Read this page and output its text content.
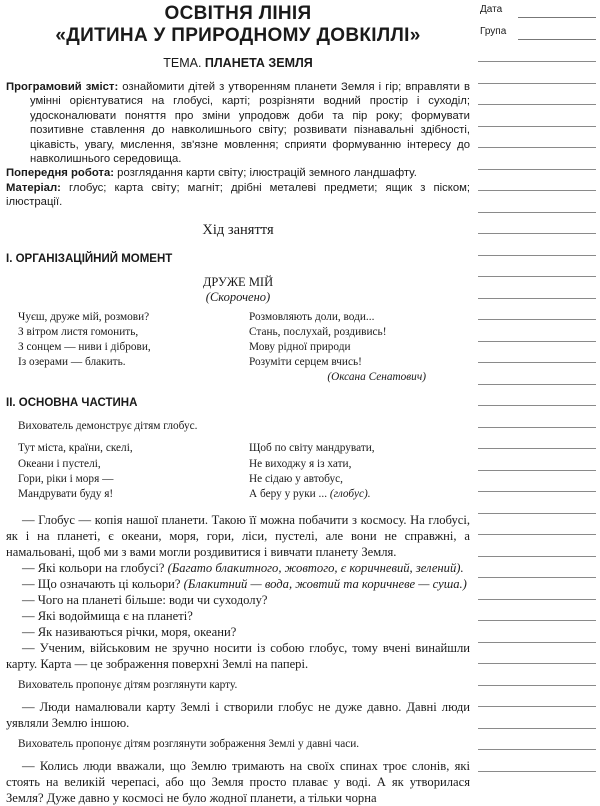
ОСВІТНЯ ЛІНІЯ
«ДИТИНА У ПРИРОДНОМУ ДОВКІЛЛІ»
ТЕМА. ПЛАНЕТА ЗЕМЛЯ

Програмовий зміст: ознайомити дітей з утворенням планети Земля і гір; вправляти в умінні орієнтуватися на глобусі, карті; розрізняти водний простір і суходіл; удосконалювати поняття про зміни упродовж доби та пір року; формувати позитивне ставлення до навколишнього світу; розвивати пізнавальні здібності, цікавість, увагу, мислення, зв'язне мовлення; сприяти формуванню інтересу до навколишнього середовища.

Попередня робота: розглядання карти світу; ілюстрацій земного ландшафту.

Матеріал: глобус; карта світу; магніт; дрібні металеві предмети; ящик з піском; ілюстрації.

Хід заняття
І. ОРГАНІЗАЦІЙНИЙ МОМЕНТ
ДРУЖЕ МІЙ
(Скорочено)
Чуєш, друже мій, розмови?
З вітром листя гомонить,
З сонцем — ниви і діброви,
Із озерами — блакить.
Розмовляють доли, води...
Стань, послухай, роздивись!
Мову рідної природи
Розуміти серцем вчись!
(Оксана Сенатович)
ІІ. ОСНОВНА ЧАСТИНА

Вихователь демонструє дітям глобус.

Тут міста, країни, скелі,
Океани і пустелі,
Гори, ріки і моря —
Мандрувати буду я!
Щоб по світу мандрувати,
Не виходжу я із хати,
Не сідаю у автобус,
А беру у руки ... (глобус).

— Глобус — копія нашої планети. Такою її можна побачити з космосу. На глобусі, як і на планеті, є океани, моря, гори, ліси, пустелі, але вони не справжні, а намальовані, щоб ми з вами могли роздивитися і вивчати планету Земля.

— Які кольори на глобусі? (Багато блакитного, жовтого, є коричневий, зелений).

— Що означають ці кольори? (Блакитний — вода, жовтий та коричневе — суша.)

— Чого на планеті більше: води чи суходолу?

— Які водоймища є на планеті?

— Як називаються річки, моря, океани?

— Ученим, військовим не зручно носити із собою глобус, тому вчені винайшли карту. Карта — це зображення поверхні Землі на папері.

Вихователь пропонує дітям розглянути карту.

— Люди намалювали карту Землі і створили глобус не дуже давно. Давні люди уявляли Землю іншою.

Вихователь пропонує дітям розглянути зображення Землі у давні часи.

— Колись люди вважали, що Землю тримають на своїх спинах троє слонів, які стоять на великій черепасі, або що Земля просто плаває у воді. А як утворилася Земля? Дуже давно у космосі не було жодної планети, а тільки чорна

Дата
Група
